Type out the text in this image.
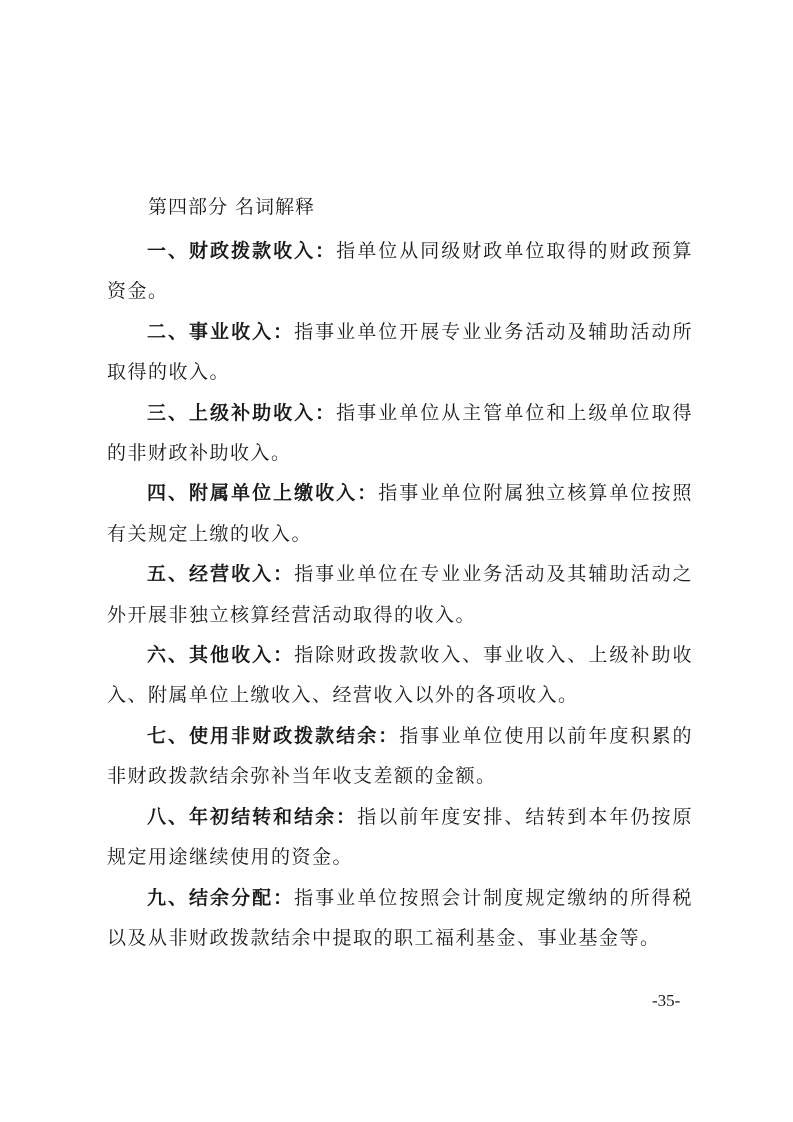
第四部分 名词解释
一、财政拨款收入：指单位从同级财政单位取得的财政预算资金。
二、事业收入：指事业单位开展专业业务活动及辅助活动所取得的收入。
三、上级补助收入：指事业单位从主管单位和上级单位取得的非财政补助收入。
四、附属单位上缴收入：指事业单位附属独立核算单位按照有关规定上缴的收入。
五、经营收入：指事业单位在专业业务活动及其辅助活动之外开展非独立核算经营活动取得的收入。
六、其他收入：指除财政拨款收入、事业收入、上级补助收入、附属单位上缴收入、经营收入以外的各项收入。
七、使用非财政拨款结余：指事业单位使用以前年度积累的非财政拨款结余弥补当年收支差额的金额。
八、年初结转和结余：指以前年度安排、结转到本年仍按原规定用途继续使用的资金。
九、结余分配：指事业单位按照会计制度规定缴纳的所得税以及从非财政拨款结余中提取的职工福利基金、事业基金等。
-35-
